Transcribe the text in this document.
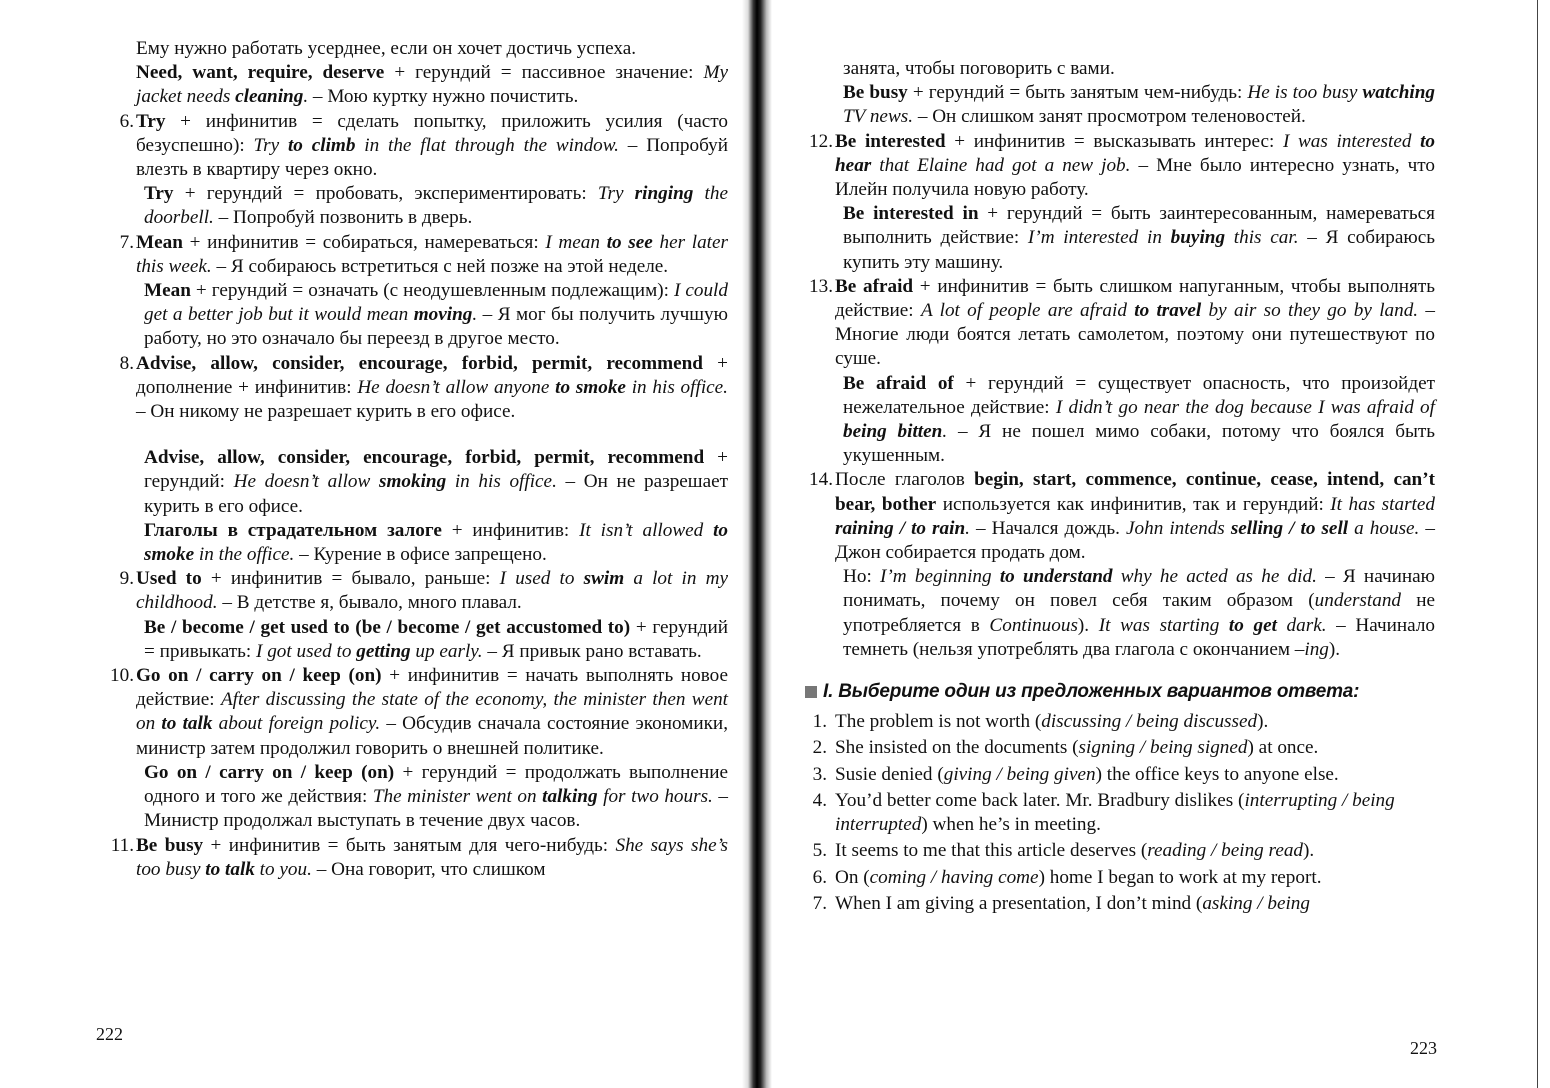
Ему нужно работать усерднее, если он хочет достичь успеха.

Need, want, require, deserve + герундий = пассивное значение: My jacket needs cleaning. – Мою куртку нужно почистить.

6. Try + инфинитив = сделать попытку, приложить усилия (часто безуспешно): Try to climb in the flat through the window. – Попробуй влезть в квартиру через окно.

Try + герундий = пробовать, экспериментировать: Try ringing the doorbell. – Попробуй позвонить в дверь.

7. Mean + инфинитив = собираться, намереваться: I mean to see her later this week. – Я собираюсь встретиться с ней позже на этой неделе.

Mean + герундий = означать (с неодушевленным подлежащим): I could get a better job but it would mean moving. – Я мог бы получить лучшую работу, но это означало бы переезд в другое место.

8. Advise, allow, consider, encourage, forbid, permit, recommend + дополнение + инфинитив: He doesn’t allow anyone to smoke in his office. – Он никому не разрешает курить в его офисе.

Advise, allow, consider, encourage, forbid, permit, recommend + герундий: He doesn’t allow smoking in his office. – Он не разрешает курить в его офисе.

Глаголы в страдательном залоге + инфинитив: It isn’t allowed to smoke in the office. – Курение в офисе запрещено.

9. Used to + инфинитив = бывало, раньше: I used to swim a lot in my childhood. – В детстве я, бывало, много плавал.

Be / become / get used to (be / become / get accustomed to) + герундий = привыкать: I got used to getting up early. – Я привык рано вставать.

10. Go on / carry on / keep (on) + инфинитив = начать выполнять новое действие: After discussing the state of the economy, the minister then went on to talk about foreign policy. – Обсудив сначала состояние экономики, министр затем продолжил говорить о внешней политике.

Go on / carry on / keep (on) + герундий = продолжать выполнение одного и того же действия: The minister went on talking for two hours. – Министр продолжал выступать в течение двух часов.

11. Be busy + инфинитив = быть занятым для чего-нибудь: She says she’s too busy to talk to you. – Она говорит, что слишком

222

занята, чтобы поговорить с вами.

Be busy + герундий = быть занятым чем-нибудь: He is too busy watching TV news. – Он слишком занят просмотром теленовостей.

12. Be interested + инфинитив = высказывать интерес: I was interested to hear that Elaine had got a new job. – Мне было интересно узнать, что Илейн получила новую работу.

Be interested in + герундий = быть заинтересованным, намереваться выполнить действие: I’m interested in buying this car. – Я собираюсь купить эту машину.

13. Be afraid + инфинитив = быть слишком напуганным, чтобы выполнять действие: A lot of people are afraid to travel by air so they go by land. – Многие люди боятся летать самолетом, поэтому они путешествуют по суше.

Be afraid of + герундий = существует опасность, что произойдет нежелательное действие: I didn’t go near the dog because I was afraid of being bitten. – Я не пошел мимо собаки, потому что боялся быть укушенным.

14. После глаголов begin, start, commence, continue, cease, intend, can’t bear, bother используется как инфинитив, так и герундий: It has started raining / to rain. – Начался дождь. John intends selling / to sell a house. – Джон собирается продать дом.

Но: I’m beginning to understand why he acted as he did. – Я начинаю понимать, почему он повел себя таким образом (understand не употребляется в Continuous). It was starting to get dark. – Начинало темнеть (нельзя употреблять два глагола с окончанием –ing).

I. Выберите один из предложенных вариантов ответа:

1. The problem is not worth (discussing / being discussed).

2. She insisted on the documents (signing / being signed) at once.

3. Susie denied (giving / being given) the office keys to anyone else.

4. You’d better come back later. Mr. Bradbury dislikes (interrupting / being interrupted) when he’s in meeting.

5. It seems to me that this article deserves (reading / being read).

6. On (coming / having come) home I began to work at my report.

7. When I am giving a presentation, I don’t mind (asking / being

223
